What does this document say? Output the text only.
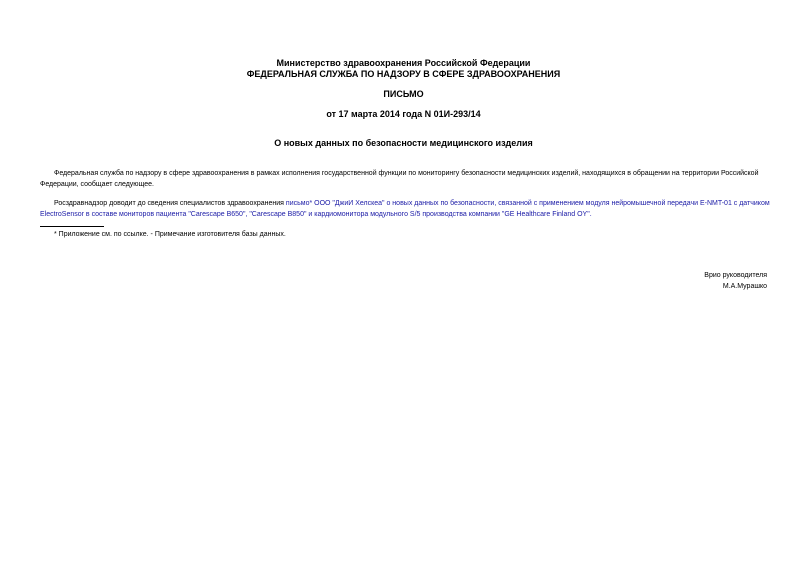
Министерство здравоохранения Российской Федерации
ФЕДЕРАЛЬНАЯ СЛУЖБА ПО НАДЗОРУ В СФЕРЕ ЗДРАВООХРАНЕНИЯ
ПИСЬМО
от 17 марта 2014 года N 01И-293/14
О новых данных по безопасности медицинского изделия
Федеральная служба по надзору в сфере здравоохранения в рамках исполнения государственной функции по мониторингу безопасности медицинских изделий, находящихся в обращении на территории Российской Федерации, сообщает следующее.
Росздравнадзор доводит до сведения специалистов здравоохранения письмо* ООО "ДжиИ Хелскеа" о новых данных по безопасности, связанной с применением модуля нейромышечной передачи E-NMT-01 с датчиком ElectroSensor в составе мониторов пациента "Carescape B650", "Carescape B850" и кардиомонитора модульного S/5 производства компании "GE Healthcare Finland OY".
* Приложение см. по ссылке. - Примечание изготовителя базы данных.
Врио руководителя
М.А.Мурашко
